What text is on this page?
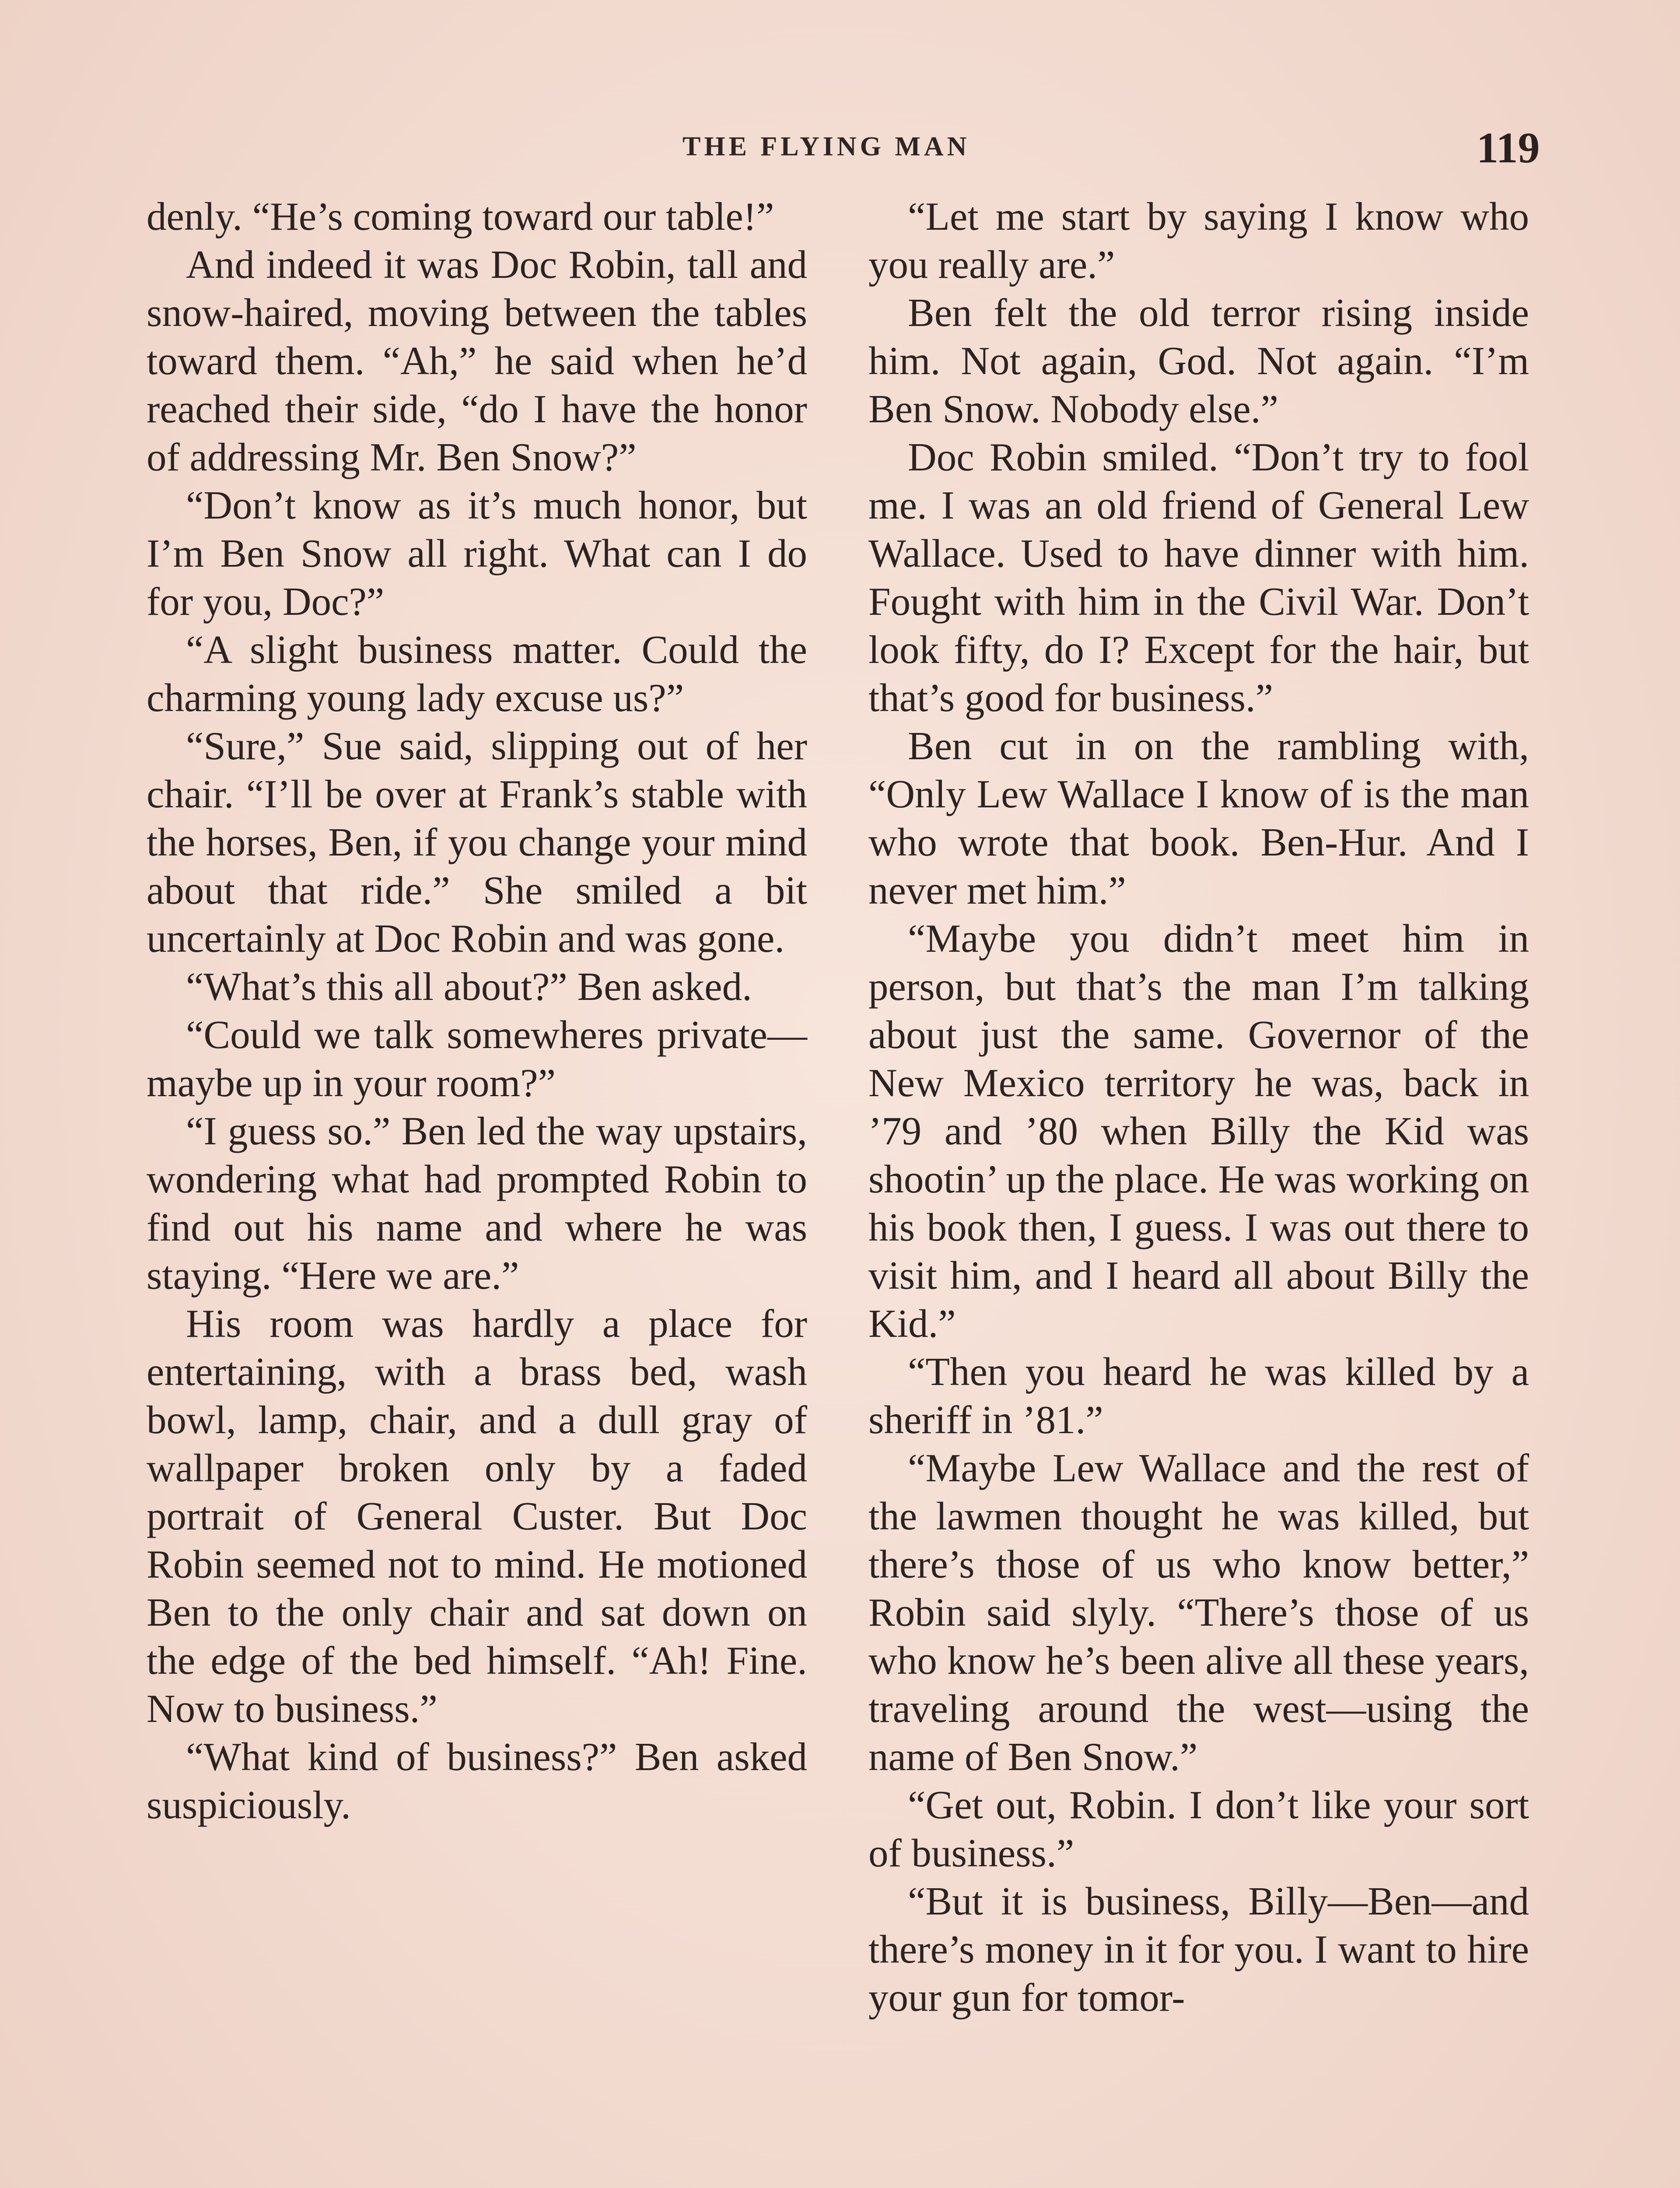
THE FLYING MAN	119

denly. “He’s coming toward our table!”

And indeed it was Doc Robin, tall and snow-haired, moving between the tables toward them. “Ah,” he said when he’d reached their side, “do I have the honor of addressing Mr. Ben Snow?”

“Don’t know as it’s much honor, but I’m Ben Snow all right. What can I do for you, Doc?”

“A slight business matter. Could the charming young lady excuse us?”

“Sure,” Sue said, slipping out of her chair. “I’ll be over at Frank’s stable with the horses, Ben, if you change your mind about that ride.” She smiled a bit uncertainly at Doc Robin and was gone.

“What’s this all about?” Ben asked.

“Could we talk somewheres private—maybe up in your room?”

“I guess so.” Ben led the way upstairs, wondering what had prompted Robin to find out his name and where he was staying. “Here we are.”

His room was hardly a place for entertaining, with a brass bed, wash bowl, lamp, chair, and a dull gray of wallpaper broken only by a faded portrait of General Custer. But Doc Robin seemed not to mind. He motioned Ben to the only chair and sat down on the edge of the bed himself. “Ah! Fine. Now to business.”

“What kind of business?” Ben asked suspiciously.

“Let me start by saying I know who you really are.”

Ben felt the old terror rising inside him. Not again, God. Not again. “I’m Ben Snow. Nobody else.”

Doc Robin smiled. “Don’t try to fool me. I was an old friend of General Lew Wallace. Used to have dinner with him. Fought with him in the Civil War. Don’t look fifty, do I? Except for the hair, but that’s good for business.”

Ben cut in on the rambling with, “Only Lew Wallace I know of is the man who wrote that book. Ben-Hur. And I never met him.”

“Maybe you didn’t meet him in person, but that’s the man I’m talking about just the same. Governor of the New Mexico territory he was, back in ’79 and ’80 when Billy the Kid was shootin’ up the place. He was working on his book then, I guess. I was out there to visit him, and I heard all about Billy the Kid.”

“Then you heard he was killed by a sheriff in ’81.”

“Maybe Lew Wallace and the rest of the lawmen thought he was killed, but there’s those of us who know better,” Robin said slyly. “There’s those of us who know he’s been alive all these years, traveling around the west—using the name of Ben Snow.”

“Get out, Robin. I don’t like your sort of business.”

“But it is business, Billy—Ben—and there’s money in it for you. I want to hire your gun for tomor-
